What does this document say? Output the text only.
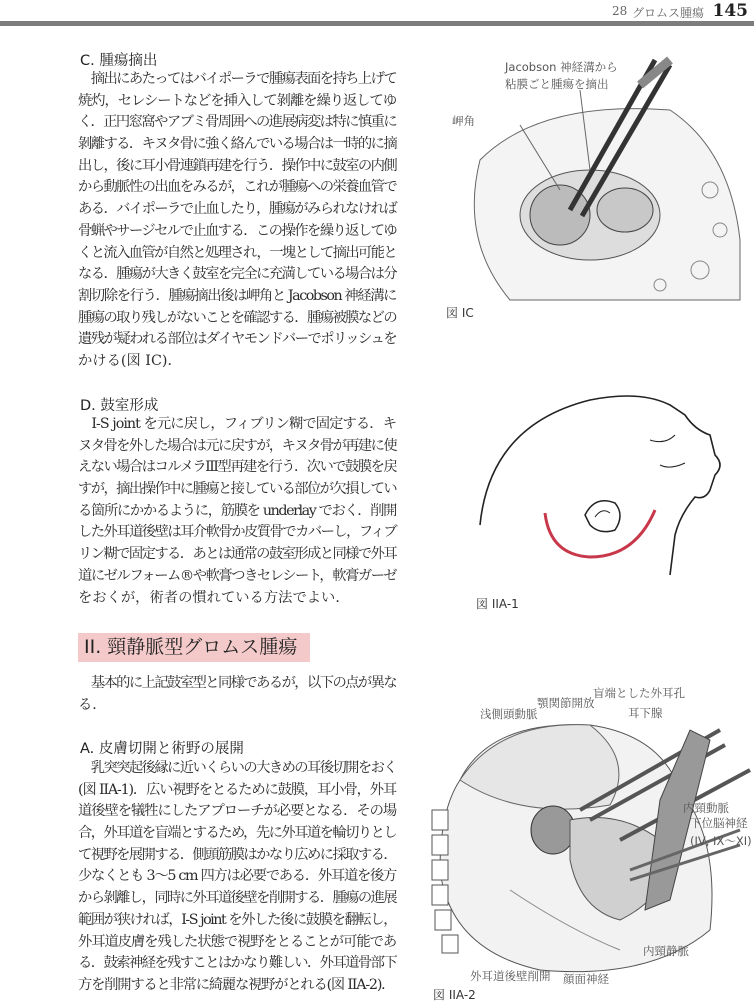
28 グロムス腫瘍 145
C. 腫瘍摘出
　摘出にあたってはバイポーラで腫瘍表面を持ち上げて
焼灼，セレシートなどを挿入して剝離を繰り返してゆ
く．正円窓窩やアブミ骨周囲への進展病変は特に慎重に
剝離する．キヌタ骨に強く絡んでいる場合は一時的に摘
出し，後に耳小骨連鎖再建を行う．操作中に鼓室の内側
から動脈性の出血をみるが，これが腫瘍への栄養血管で
ある．バイポーラで止血したり，腫瘍がみられなければ
骨蝋やサージセルで止血する．この操作を繰り返してゆ
くと流入血管が自然と処理され，一塊として摘出可能と
なる．腫瘍が大きく鼓室を完全に充満している場合は分
割切除を行う．腫瘍摘出後は岬角と Jacobson 神経溝に
腫瘍の取り残しがないことを確認する．腫瘍被膜などの
遺残が疑われる部位はダイヤモンドバーでポリッシュを
かける(図 IC)．
D. 鼓室形成
　I-S joint を元に戻し，フィブリン糊で固定する．キ
ヌタ骨を外した場合は元に戻すが，キヌタ骨が再建に使
えない場合はコルメラⅢ型再建を行う．次いで鼓膜を戻
すが，摘出操作中に腫瘍と接している部位が欠損してい
る箇所にかかるように，筋膜を underlay でおく．削開
した外耳道後壁は耳介軟骨か皮質骨でカバーし，フィブ
リン糊で固定する．あとは通常の鼓室形成と同様で外耳
道にゼルフォーム®や軟膏つきセレシート，軟膏ガーゼ
をおくが，術者の慣れている方法でよい．
II. 頸静脈型グロムス腫瘍
　基本的に上記鼓室型と同様であるが，以下の点が異な
る．
A. 皮膚切開と術野の展開
　乳突突起後縁に近いくらいの大きめの耳後切開をおく
(図 IIA-1)．広い視野をとるために鼓膜，耳小骨，外耳
道後壁を犠牲にしたアプローチが必要となる．その場
合，外耳道を盲端とするため，先に外耳道を輪切りとし
て視野を展開する．側頭筋膜はかなり広めに採取する．
少なくとも 3〜5 cm 四方は必要である．外耳道を後方
から剝離し，同時に外耳道後壁を削開する．腫瘍の進展
範囲が狭ければ，I-S joint を外した後に鼓膜を翻転し，
外耳道皮膚を残した状態で視野をとることが可能であ
る．鼓索神経を残すことはかなり難しい．外耳道骨部下
方を削開すると非常に綺麗な視野がとれる(図 IIA-2)．
Jacobson 神経溝から
粘膜ごと腫瘍を摘出
岬角
図 IC
図 IIA-1
盲端とした外耳孔
顎関節開放
浅側頭動脈	耳下腺
内頸動脈
下位脳神経
(IV, IX〜XI)
内頸静脈
外耳道後壁削開 顔面神経
図 IIA-2
